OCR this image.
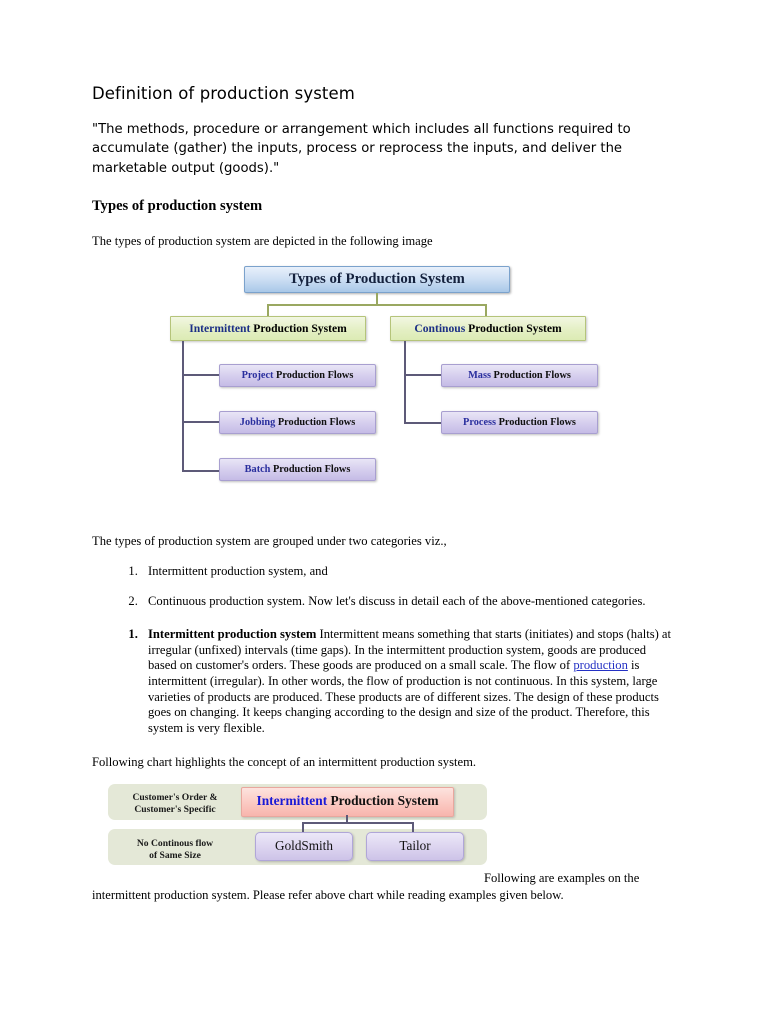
Definition of production system

"The methods, procedure or arrangement which includes all functions required to accumulate (gather) the inputs, process or reprocess the inputs, and deliver the marketable output (goods)."

Types of production system

The types of production system are depicted in the following image

Types of Production System
Intermittent Production System	Continous Production System
Project Production Flows
Jobbing Production Flows
Batch Production Flows
Mass Production Flows
Process Production Flows

The types of production system are grouped under two categories viz.,

1. Intermittent production system, and
2. Continuous production system. Now let's discuss in detail each of the above-mentioned categories.
1. Intermittent production system Intermittent means something that starts (initiates) and stops (halts) at irregular (unfixed) intervals (time gaps). In the intermittent production system, goods are produced based on customer's orders. These goods are produced on a small scale. The flow of production is intermittent (irregular). In other words, the flow of production is not continuous. In this system, large varieties of products are produced. These products are of different sizes. The design of these products goes on changing. It keeps changing according to the design and size of the product. Therefore, this system is very flexible.

Following chart highlights the concept of an intermittent production system.

Customer's Order &
Customer's Specific
No Continous flow
of Same Size
Intermittent Production System
GoldSmith	Tailor
Following are examples on the intermittent production system. Please refer above chart while reading examples given below.
